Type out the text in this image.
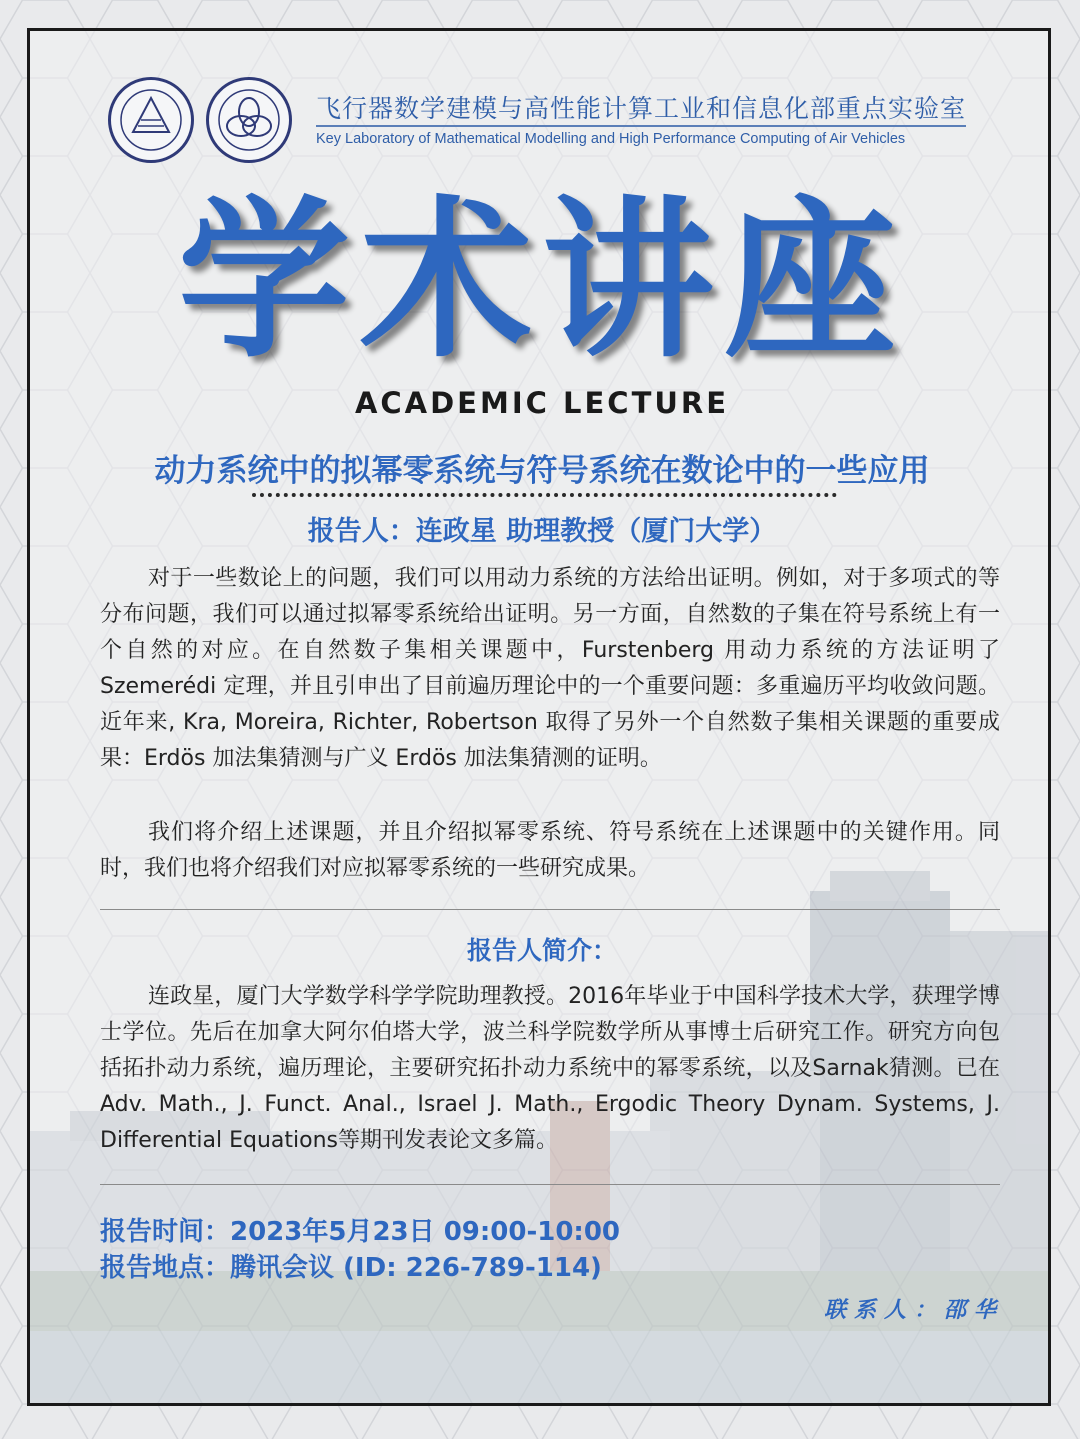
飞行器数学建模与高性能计算工业和信息化部重点实验室
Key Laboratory of Mathematical Modelling and High Performance Computing of Air Vehicles
学术讲座
ACADEMIC LECTURE
动力系统中的拟幂零系统与符号系统在数论中的一些应用
报告人：连政星 助理教授（厦门大学）
对于一些数论上的问题，我们可以用动力系统的方法给出证明。例如，对于多项式的等分布问题，我们可以通过拟幂零系统给出证明。另一方面，自然数的子集在符号系统上有一个自然的对应。在自然数子集相关课题中，Furstenberg 用动力系统的方法证明了 Szemerédi 定理，并且引申出了目前遍历理论中的一个重要问题：多重遍历平均收敛问题。近年来, Kra, Moreira, Richter, Robertson 取得了另外一个自然数子集相关课题的重要成果：Erdös 加法集猜测与广义 Erdös 加法集猜测的证明。
我们将介绍上述课题，并且介绍拟幂零系统、符号系统在上述课题中的关键作用。同时，我们也将介绍我们对应拟幂零系统的一些研究成果。
报告人简介：
连政星，厦门大学数学科学学院助理教授。2016年毕业于中国科学技术大学，获理学博士学位。先后在加拿大阿尔伯塔大学，波兰科学院数学所从事博士后研究工作。研究方向包括拓扑动力系统，遍历理论，主要研究拓扑动力系统中的幂零系统，以及Sarnak猜测。已在Adv. Math., J. Funct. Anal., Israel J. Math., Ergodic Theory Dynam. Systems, J. Differential Equations等期刊发表论文多篇。
报告时间：2023年5月23日 09:00-10:00
报告地点：腾讯会议 (ID: 226-789-114)
联系人：邵华
